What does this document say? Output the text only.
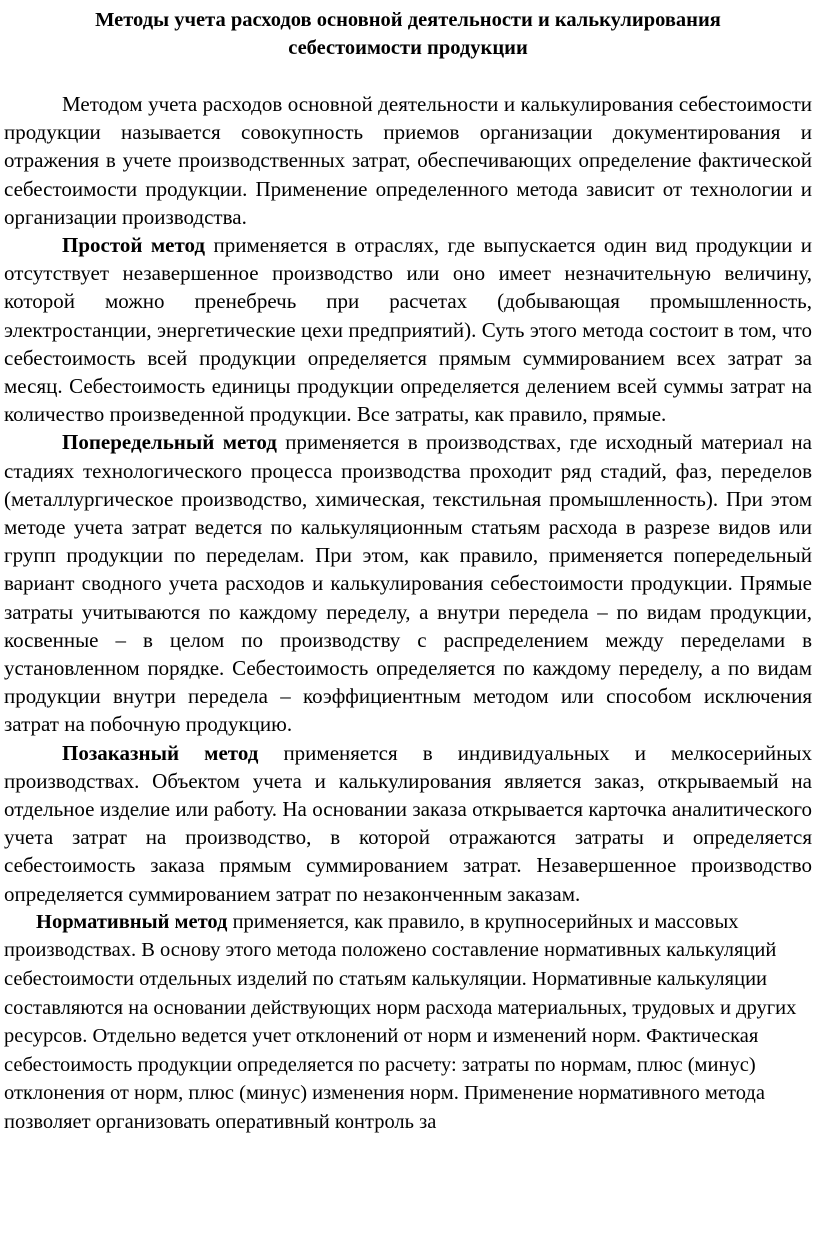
Методы учета расходов основной деятельности и калькулирования
себестоимости продукции

Методом учета расходов основной деятельности и калькулирования себестоимости продукции называется совокупность приемов организации документирования и отражения в учете производственных затрат, обеспечивающих определение фактической себестоимости продукции. Применение определенного метода зависит от технологии и организации производства.

Простой метод применяется в отраслях, где выпускается один вид продукции и отсутствует незавершенное производство или оно имеет незначительную величину, которой можно пренебречь при расчетах (добывающая промышленность, электростанции, энергетические цехи предприятий). Суть этого метода состоит в том, что себестоимость всей продукции определяется прямым суммированием всех затрат за месяц. Себестоимость единицы продукции определяется делением всей суммы затрат на количество произведенной продукции. Все затраты, как правило, прямые.

Попередельный метод применяется в производствах, где исходный материал на стадиях технологического процесса производства проходит ряд стадий, фаз, переделов (металлургическое производство, химическая, текстильная промышленность). При этом методе учета затрат ведется по калькуляционным статьям расхода в разрезе видов или групп продукции по переделам. При этом, как правило, применяется попередельный вариант сводного учета расходов и калькулирования себестоимости продукции. Прямые затраты учитываются по каждому переделу, а внутри передела – по видам продукции, косвенные – в целом по производству с распределением между переделами в установленном порядке. Себестоимость определяется по каждому переделу, а по видам продукции внутри передела – коэффициентным методом или способом исключения затрат на побочную продукцию.

Позаказный метод применяется в индивидуальных и мелкосерийных производствах. Объектом учета и калькулирования является заказ, открываемый на отдельное изделие или работу. На основании заказа открывается карточка аналитического учета затрат на производство, в которой отражаются затраты и определяется себестоимость заказа прямым суммированием затрат. Незавершенное производство определяется суммированием затрат по незаконченным заказам.

Нормативный метод применяется, как правило, в крупносерийных и массовых производствах. В основу этого метода положено составление нормативных калькуляций себестоимости отдельных изделий по статьям калькуляции. Нормативные калькуляции составляются на основании действующих норм расхода материальных, трудовых и других ресурсов. Отдельно ведется учет отклонений от норм и изменений норм. Фактическая себестоимость продукции определяется по расчету: затраты по нормам, плюс (минус) отклонения от норм, плюс (минус) изменения норм. Применение нормативного метода позволяет организовать оперативный контроль за
